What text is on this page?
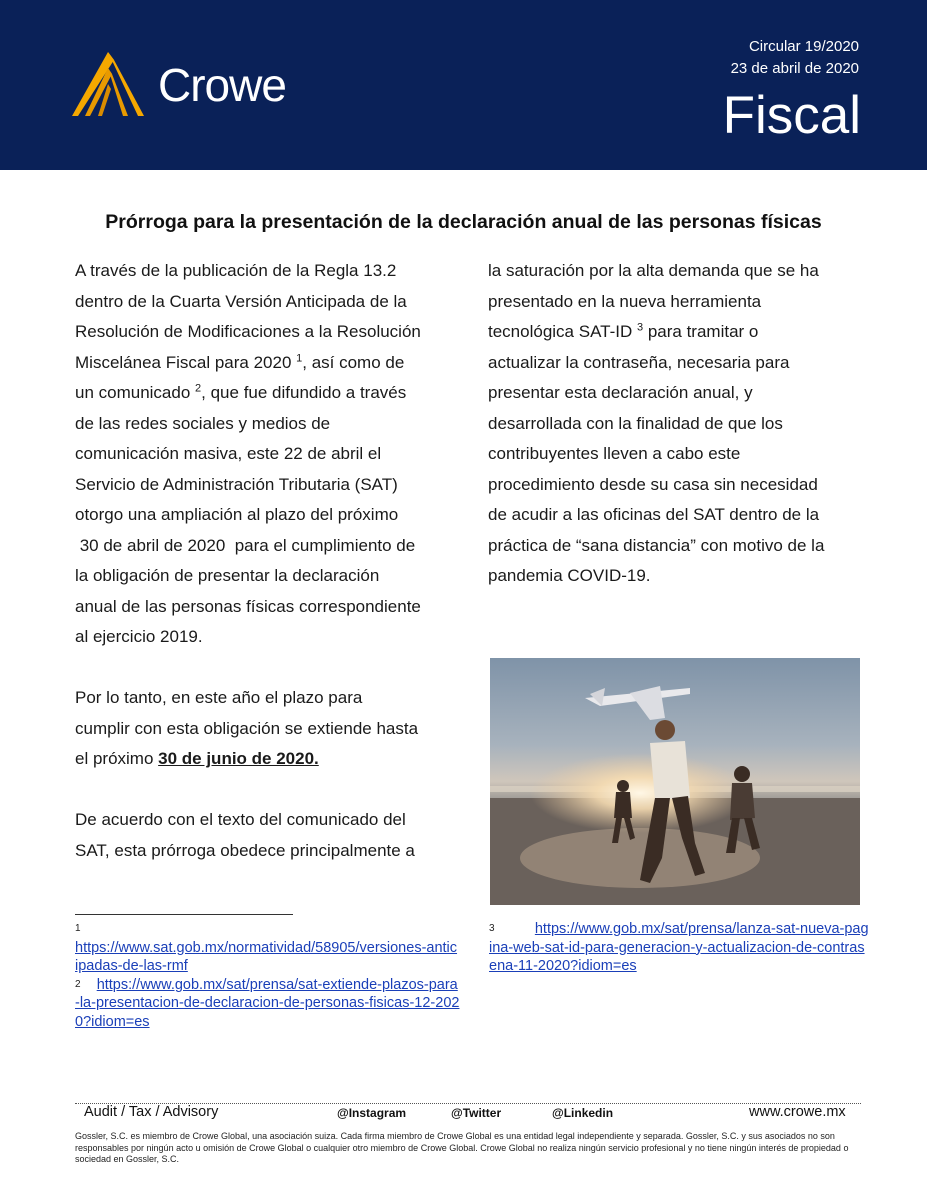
Crowe
Circular 19/2020
23 de abril de 2020
Fiscal
Prórroga para la presentación de la declaración anual de las personas físicas

A través de la publicación de la Regla 13.2

dentro de la Cuarta Versión Anticipada de la

Resolución de Modificaciones a la Resolución

Miscelánea Fiscal para 2020 $^1$, así como de

un comunicado $^2$, que fue difundido a través

de las redes sociales y medios de

comunicación masiva, este 22 de abril el

Servicio de Administración Tributaria (SAT)

otorgo una ampliación al plazo del próximo

30 de abril de 2020  para el cumplimiento de

la obligación de presentar la declaración

anual de las personas físicas correspondiente

al ejercicio 2019.

Por lo tanto, en este año el plazo para

cumplir con esta obligación se extiende hasta

el próximo 30 de junio de 2020.

De acuerdo con el texto del comunicado del

SAT, esta prórroga obedece principalmente a

la saturación por la alta demanda que se ha

presentado en la nueva herramienta

tecnológica SAT-ID $^3$ para tramitar o

actualizar la contraseña, necesaria para

presentar esta declaración anual, y

desarrollada con la finalidad de que los

contribuyentes lleven a cabo este

procedimiento desde su casa sin necesidad

de acudir a las oficinas del SAT dentro de la

práctica de “sana distancia” con motivo de la

pandemia COVID-19.

$^1$
https://www.sat.gob.mx/normatividad/58905/versiones-anticipadas-de-las-rmf
$^2$ https://www.gob.mx/sat/prensa/sat-extiende-plazos-para-la-presentacion-de-declaracion-de-personas-fisicas-12-2020?idiom=es
$^3$	https://www.gob.mx/sat/prensa/lanza-sat-nueva-pagina-web-sat-id-para-generacion-y-actualizacion-de-contrasena-11-2020?idiom=es
Audit / Tax / Advisory	@Instagram	@Twitter	@Linkedin	www.crowe.mx
Gossler, S.C. es miembro de Crowe Global, una asociación suiza. Cada firma miembro de Crowe Global es una entidad legal independiente y separada. Gossler, S.C. y sus asociados no son responsables por ningún acto u omisión de Crowe Global o cualquier otro miembro de Crowe Global. Crowe Global no realiza ningún servicio profesional y no tiene ningún interés de propiedad o sociedad en Gossler, S.C.
